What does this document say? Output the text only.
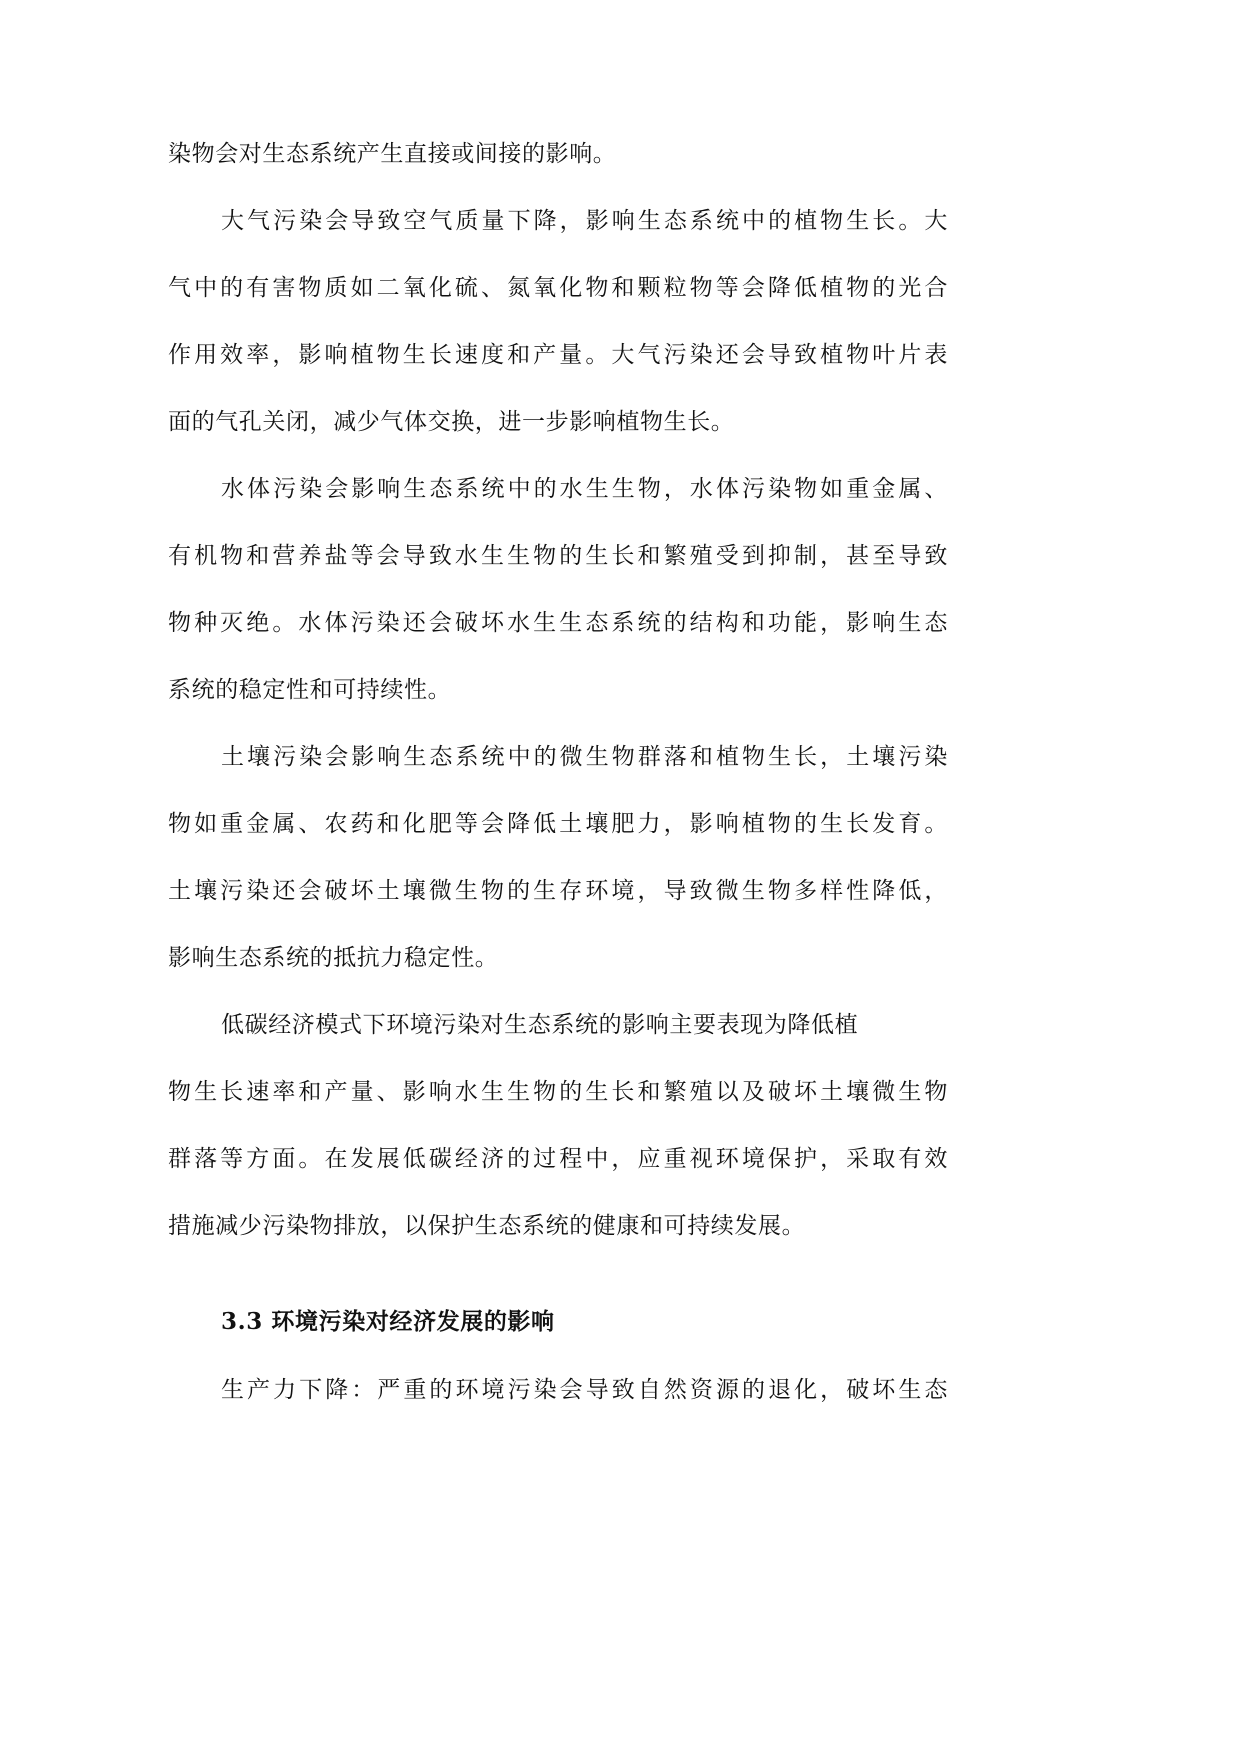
染物会对生态系统产生直接或间接的影响。
大气污染会导致空气质量下降，影响生态系统中的植物生长。大
气中的有害物质如二氧化硫、氮氧化物和颗粒物等会降低植物的光合
作用效率，影响植物生长速度和产量。大气污染还会导致植物叶片表
面的气孔关闭，减少气体交换，进一步影响植物生长。
水体污染会影响生态系统中的水生生物，水体污染物如重金属、
有机物和营养盐等会导致水生生物的生长和繁殖受到抑制，甚至导致
物种灭绝。水体污染还会破坏水生生态系统的结构和功能，影响生态
系统的稳定性和可持续性。
土壤污染会影响生态系统中的微生物群落和植物生长，土壤污染
物如重金属、农药和化肥等会降低土壤肥力，影响植物的生长发育。
土壤污染还会破坏土壤微生物的生存环境，导致微生物多样性降低，
影响生态系统的抵抗力稳定性。
低碳经济模式下环境污染对生态系统的影响主要表现为降低植
物生长速率和产量、影响水生生物的生长和繁殖以及破坏土壤微生物
群落等方面。在发展低碳经济的过程中，应重视环境保护，采取有效
措施减少污染物排放，以保护生态系统的健康和可持续发展。
3.3 环境污染对经济发展的影响
生产力下降：严重的环境污染会导致自然资源的退化，破坏生态
